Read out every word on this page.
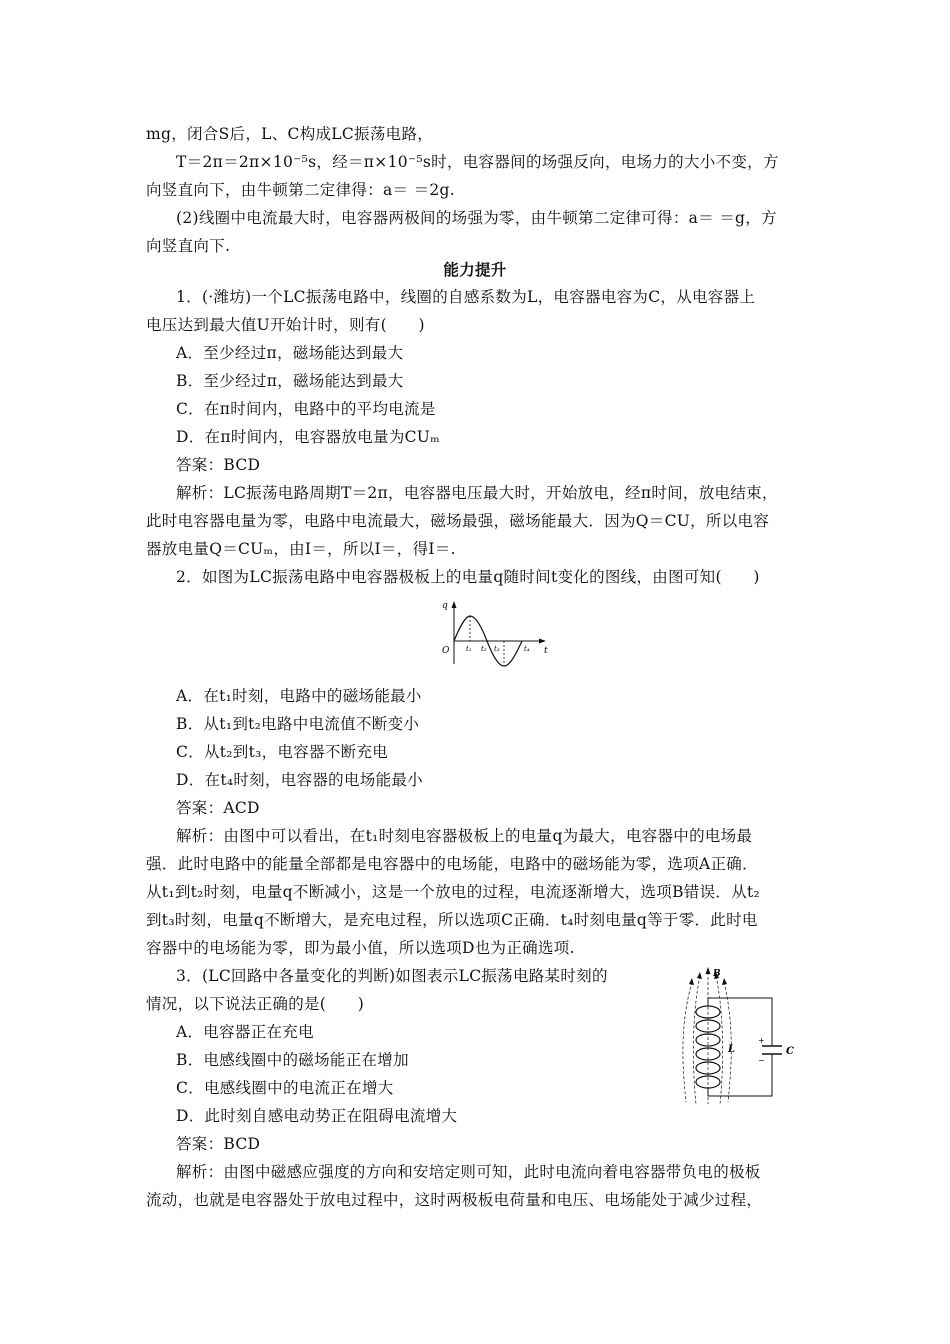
mg，闭合S后，L、C构成LC振荡电路，
T＝2π＝2π×10⁻⁵s，经＝π×10⁻⁵s时，电容器间的场强反向，电场力的大小不变，方
向竖直向下，由牛顿第二定律得：a＝ ＝2g.
(2)线圈中电流最大时，电容器两极间的场强为零，由牛顿第二定律可得：a＝ ＝g，方
向竖直向下.
1．(·潍坊)一个LC振荡电路中，线圈的自感系数为L，电容器电容为C，从电容器上
电压达到最大值U开始计时，则有(　　)
A．至少经过π，磁场能达到最大
B．至少经过π，磁场能达到最大
C．在π时间内，电路中的平均电流是
D．在π时间内，电容器放电量为CUₘ
答案：BCD
解析：LC振荡电路周期T＝2π，电容器电压最大时，开始放电，经π时间，放电结束，
此时电容器电量为零，电路中电流最大，磁场最强，磁场能最大．因为Q＝CU，所以电容
器放电量Q＝CUₘ，由I＝，所以I＝，得I＝.
2．如图为LC振荡电路中电容器极板上的电量q随时间t变化的图线，由图可知(　　)
A．在t₁时刻，电路中的磁场能最小
B．从t₁到t₂电路中电流值不断变小
C．从t₂到t₃，电容器不断充电
D．在t₄时刻，电容器的电场能最小
答案：ACD
解析：由图中可以看出，在t₁时刻电容器极板上的电量q为最大，电容器中的电场最
强．此时电路中的能量全部都是电容器中的电场能，电路中的磁场能为零，选项A正确．
从t₁到t₂时刻，电量q不断减小，这是一个放电的过程，电流逐渐增大，选项B错误．从t₂
到t₃时刻，电量q不断增大，是充电过程，所以选项C正确．t₄时刻电量q等于零．此时电
容器中的电场能为零，即为最小值，所以选项D也为正确选项.
3．(LC回路中各量变化的判断)如图表示LC振荡电路某时刻的
情况，以下说法正确的是(　　)
A．电容器正在充电
B．电感线圈中的磁场能正在增加
C．电感线圈中的电流正在增大
D．此时刻自感电动势正在阻碍电流增大
答案：BCD
解析：由图中磁感应强度的方向和安培定则可知，此时电流向着电容器带负电的极板
流动，也就是电容器处于放电过程中，这时两极板电荷量和电压、电场能处于减少过程，
能力提升
q
O	t
t₁ t₂ t₃	t₄
B
+
−
L	C
